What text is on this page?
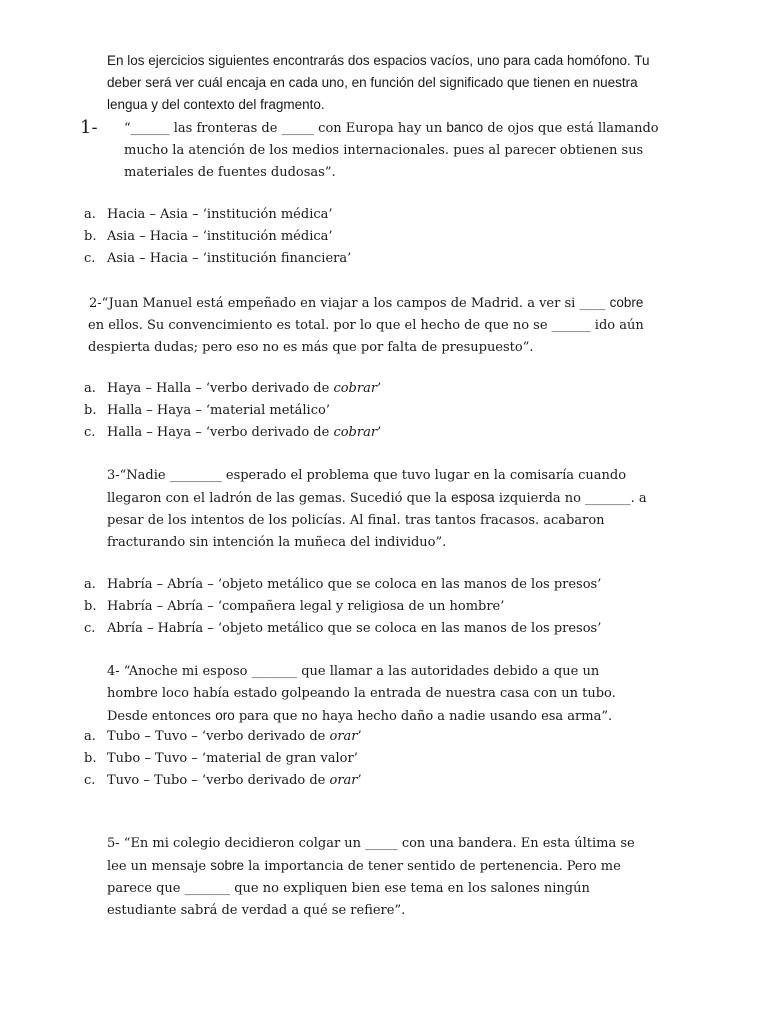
En los ejercicios siguientes encontrarás dos espacios vacíos, uno para cada homófono. Tu deber será ver cuál encaja en cada uno, en función del significado que tienen en nuestra lengua y del contexto del fragmento.
1- “______ las fronteras de _____ con Europa hay un banco de ojos que está llamando mucho la atención de los medios internacionales. pues al parecer obtienen sus materiales de fuentes dudosas”.
a. Hacia – Asia – ‘institución médica’
b. Asia – Hacia – ‘institución médica’
c. Asia – Hacia – ‘institución financiera’
2-“Juan Manuel está empeñado en viajar a los campos de Madrid. a ver si ____ cobre en ellos. Su convencimiento es total. por lo que el hecho de que no se ______ ido aún despierta dudas; pero eso no es más que por falta de presupuesto”.
a. Haya – Halla – ‘verbo derivado de cobrar’
b. Halla – Haya – ‘material metálico’
c. Halla – Haya – ‘verbo derivado de cobrar’
3-“Nadie ________ esperado el problema que tuvo lugar en la comisaría cuando llegaron con el ladrón de las gemas. Sucedió que la esposa izquierda no _______. a pesar de los intentos de los policías. Al final. tras tantos fracasos. acabaron fracturando sin intención la muñeca del individuo”.
a. Habría – Abría – ‘objeto metálico que se coloca en las manos de los presos’
b. Habría – Abría – ‘compañera legal y religiosa de un hombre’
c. Abría – Habría – ‘objeto metálico que se coloca en las manos de los presos’
4- “Anoche mi esposo _______ que llamar a las autoridades debido a que un hombre loco había estado golpeando la entrada de nuestra casa con un tubo. Desde entonces oro para que no haya hecho daño a nadie usando esa arma”.
a. Tubo – Tuvo – ‘verbo derivado de orar’
b. Tubo – Tuvo – ‘material de gran valor’
c. Tuvo – Tubo – ‘verbo derivado de orar’
5- “En mi colegio decidieron colgar un _____ con una bandera. En esta última se lee un mensaje sobre la importancia de tener sentido de pertenencia. Pero me parece que _______ que no expliquen bien ese tema en los salones ningún estudiante sabrá de verdad a qué se refiere”.
